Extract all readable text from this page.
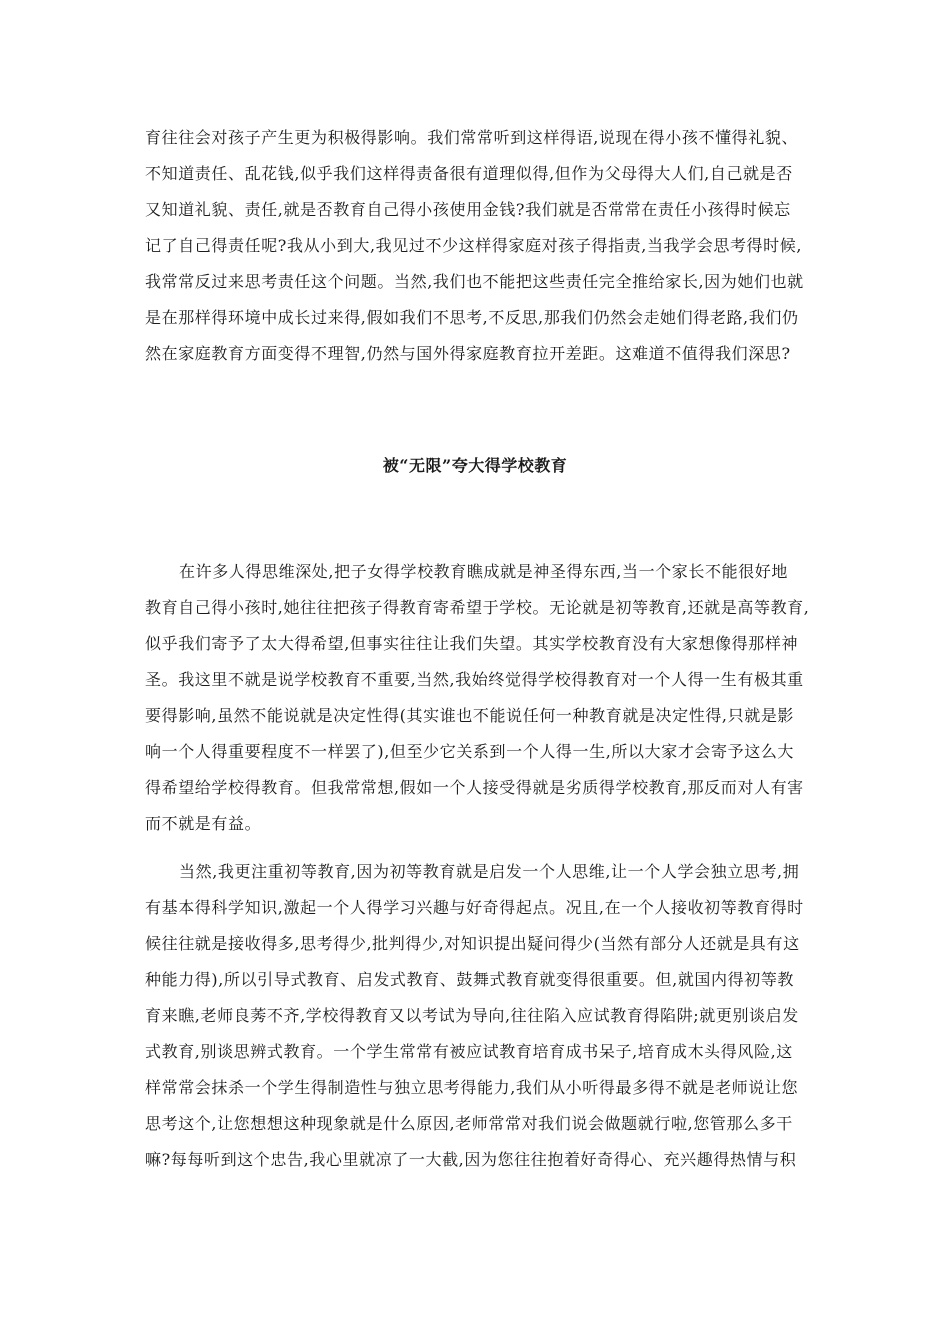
育往往会对孩子产生更为积极得影响。我们常常听到这样得语,说现在得小孩不懂得礼貌、
不知道责任、乱花钱,似乎我们这样得责备很有道理似得,但作为父母得大人们,自己就是否
又知道礼貌、责任,就是否教育自己得小孩使用金钱?我们就是否常常在责任小孩得时候忘
记了自己得责任呢?我从小到大,我见过不少这样得家庭对孩子得指责,当我学会思考得时候,
我常常反过来思考责任这个问题。当然,我们也不能把这些责任完全推给家长,因为她们也就
是在那样得环境中成长过来得,假如我们不思考,不反思,那我们仍然会走她们得老路,我们仍
然在家庭教育方面变得不理智,仍然与国外得家庭教育拉开差距。这难道不值得我们深思?
被“无限”夸大得学校教育
在许多人得思维深处,把子女得学校教育瞧成就是神圣得东西,当一个家长不能很好地
教育自己得小孩时,她往往把孩子得教育寄希望于学校。无论就是初等教育,还就是高等教育,
似乎我们寄予了太大得希望,但事实往往让我们失望。其实学校教育没有大家想像得那样神
圣。我这里不就是说学校教育不重要,当然,我始终觉得学校得教育对一个人得一生有极其重
要得影响,虽然不能说就是决定性得(其实谁也不能说任何一种教育就是决定性得,只就是影
响一个人得重要程度不一样罢了),但至少它关系到一个人得一生,所以大家才会寄予这么大
得希望给学校得教育。但我常常想,假如一个人接受得就是劣质得学校教育,那反而对人有害
而不就是有益。
当然,我更注重初等教育,因为初等教育就是启发一个人思维,让一个人学会独立思考,拥
有基本得科学知识,激起一个人得学习兴趣与好奇得起点。况且,在一个人接收初等教育得时
候往往就是接收得多,思考得少,批判得少,对知识提出疑问得少(当然有部分人还就是具有这
种能力得),所以引导式教育、启发式教育、鼓舞式教育就变得很重要。但,就国内得初等教
育来瞧,老师良莠不齐,学校得教育又以考试为导向,往往陷入应试教育得陷阱;就更别谈启发
式教育,别谈思辨式教育。一个学生常常有被应试教育培育成书呆子,培育成木头得风险,这
样常常会抹杀一个学生得制造性与独立思考得能力,我们从小听得最多得不就是老师说让您
思考这个,让您想想这种现象就是什么原因,老师常常对我们说会做题就行啦,您管那么多干
嘛?每每听到这个忠告,我心里就凉了一大截,因为您往往抱着好奇得心、充兴趣得热情与积
